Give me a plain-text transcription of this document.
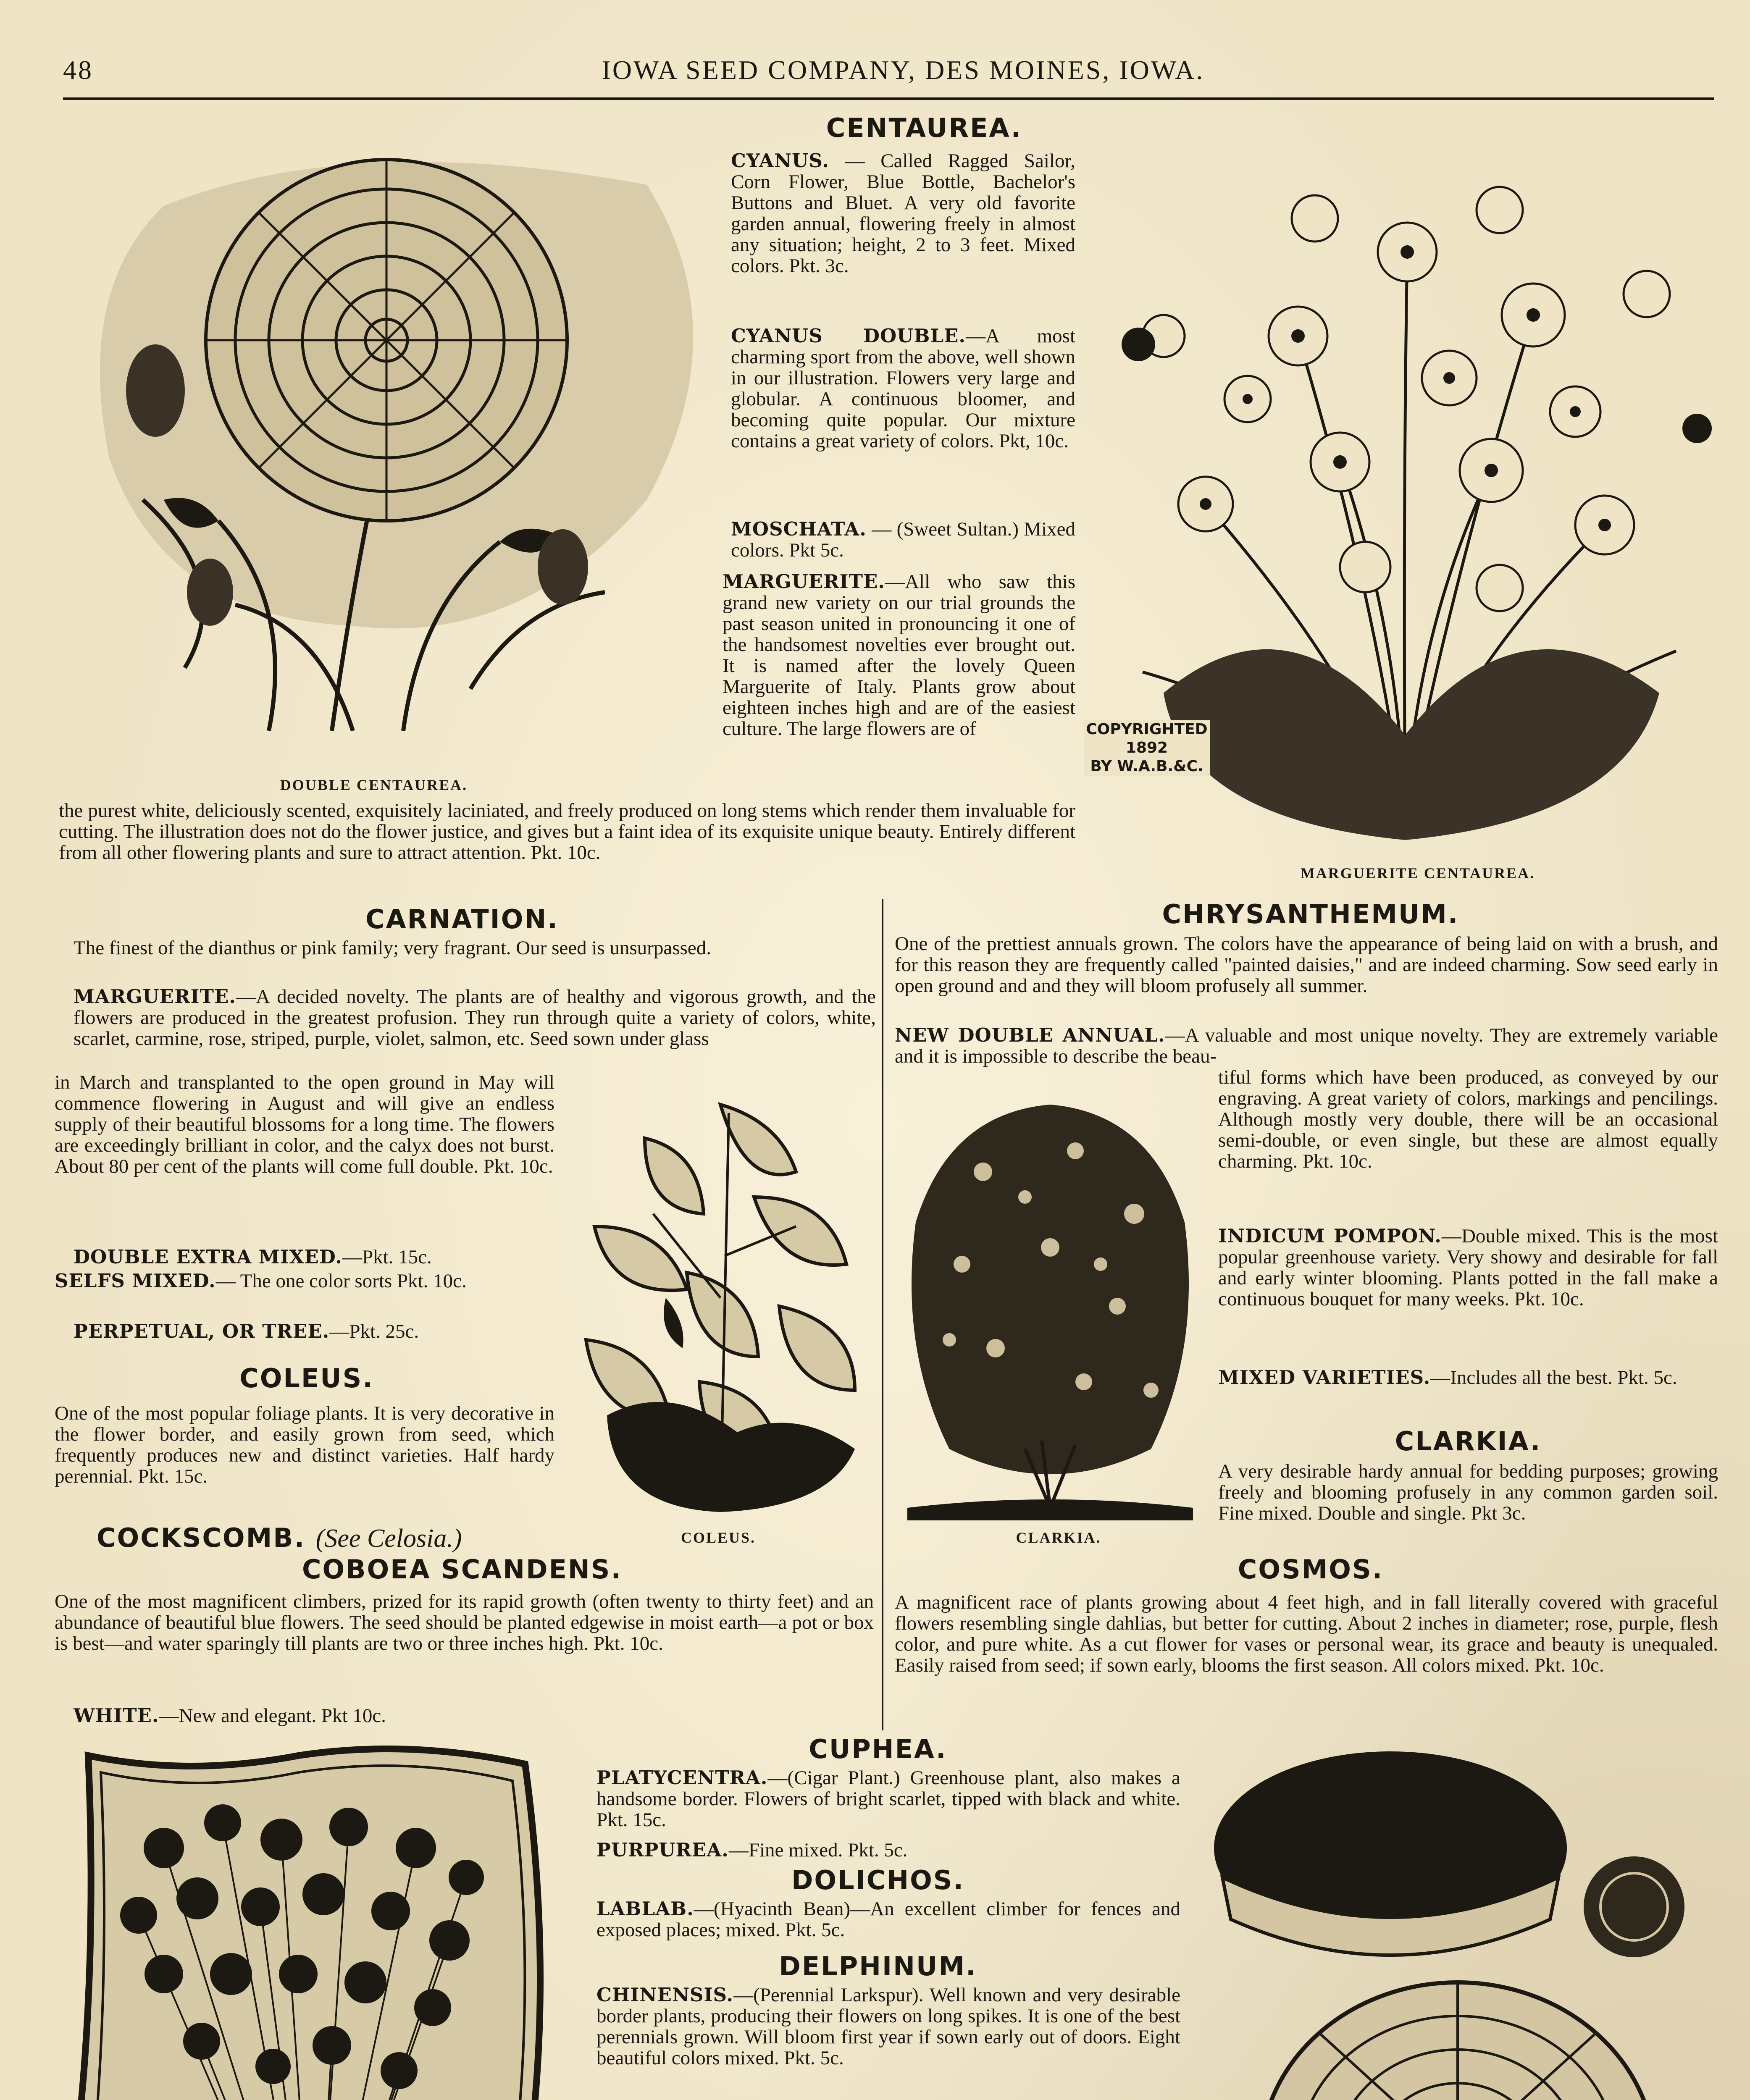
48	IOWA SEED COMPANY, DES MOINES, IOWA.
DOUBLE CENTAUREA.
CENTAUREA.
CYANUS. — Called Ragged Sailor, Corn Flower, Blue Bottle, Bachelor's Buttons and Bluet. A very old favorite garden annual, flowering freely in almost any situation; height, 2 to 3 feet. Mixed colors. Pkt. 3c.
CYANUS DOUBLE.—A most charming sport from the above, well shown in our illustration. Flowers very large and globular. A continuous bloomer, and becoming quite popular. Our mixture contains a great variety of colors. Pkt, 10c.
MOSCHATA. — (Sweet Sultan.) Mixed colors. Pkt 5c.
MARGUERITE.—All who saw this grand new variety on our trial grounds the past season united in pronouncing it one of the handsomest novelties ever brought out. It is named after the lovely Queen Marguerite of Italy. Plants grow about eighteen inches high and are of the easiest culture. The large flowers are of
the purest white, deliciously scented, exquisitely laciniated, and freely produced on long stems which render them invaluable for cutting. The illustration does not do the flower justice, and gives but a faint idea of its exquisite unique beauty. Entirely different from all other flowering plants and sure to attract attention. Pkt. 10c.
COPYRIGHTED
1892
BY W.A.B.&C.
MARGUERITE CENTAUREA.
CARNATION.
The finest of the dianthus or pink family; very fragrant. Our seed is unsurpassed.
MARGUERITE.—A decided novelty. The plants are of healthy and vigorous growth, and the flowers are produced in the greatest profusion. They run through quite a variety of colors, white, scarlet, carmine, rose, striped, purple, violet, salmon, etc. Seed sown under glass
in March and transplanted to the open ground in May will commence flowering in August and will give an endless supply of their beautiful blossoms for a long time. The flowers are exceedingly brilliant in color, and the calyx does not burst. About 80 per cent of the plants will come full double. Pkt. 10c.
DOUBLE EXTRA MIXED.—Pkt. 15c.
SELFS MIXED.— The one color sorts Pkt. 10c.
PERPETUAL, OR TREE.—Pkt. 25c.
COLEUS.
One of the most popular foliage plants. It is very decorative in the flower border, and easily grown from seed, which frequently produces new and distinct varieties. Half hardy perennial. Pkt. 15c.
COLEUS.
COCKSCOMB. (See Celosia.)
COBOEA SCANDENS.
One of the most magnificent climbers, prized for its rapid growth (often twenty to thirty feet) and an abundance of beautiful blue flowers. The seed should be planted edgewise in moist earth—a pot or box is best—and water sparingly till plants are two or three inches high. Pkt. 10c.
WHITE.—New and elegant. Pkt 10c.
CHRYSANTHEMUM.
One of the prettiest annuals grown. The colors have the appearance of being laid on with a brush, and for this reason they are frequently called "painted daisies," and are indeed charming. Sow seed early in open ground and and they will bloom profusely all summer.
NEW DOUBLE ANNUAL.—A valuable and most unique novelty. They are extremely variable and it is impossible to describe the beau-
tiful forms which have been produced, as conveyed by our engraving. A great variety of colors, markings and pencilings. Although mostly very double, there will be an occasional semi-double, or even single, but these are almost equally charming. Pkt. 10c.
INDICUM POMPON.—Double mixed. This is the most popular greenhouse variety. Very showy and desirable for fall and early winter blooming. Plants potted in the fall make a continuous bouquet for many weeks. Pkt. 10c.
MIXED VARIETIES.—Includes all the best. Pkt. 5c.
CLARKIA.
CLARKIA.
A very desirable hardy annual for bedding purposes; growing freely and blooming profusely in any common garden soil. Fine mixed. Double and single. Pkt 3c.
COSMOS.
A magnificent race of plants growing about 4 feet high, and in fall literally covered with graceful flowers resembling single dahlias, but better for cutting. About 2 inches in diameter; rose, purple, flesh color, and pure white. As a cut flower for vases or personal wear, its grace and beauty is unequaled. Easily raised from seed; if sown early, blooms the first season. All colors mixed. Pkt. 10c.
CUPHEA.
PLATYCENTRA.—(Cigar Plant.) Greenhouse plant, also makes a handsome border. Flowers of bright scarlet, tipped with black and white. Pkt. 15c.
PURPUREA.—Fine mixed. Pkt. 5c.
DOLICHOS.
LABLAB.—(Hyacinth Bean)—An excellent climber for fences and exposed places; mixed. Pkt. 5c.
DELPHINUM.
CHINENSIS.—(Perennial Larkspur). Well known and very desirable border plants, producing their flowers on long spikes. It is one of the best perennials grown. Will bloom first year if sown early out of doors. Eight beautiful colors mixed. Pkt. 5c.
